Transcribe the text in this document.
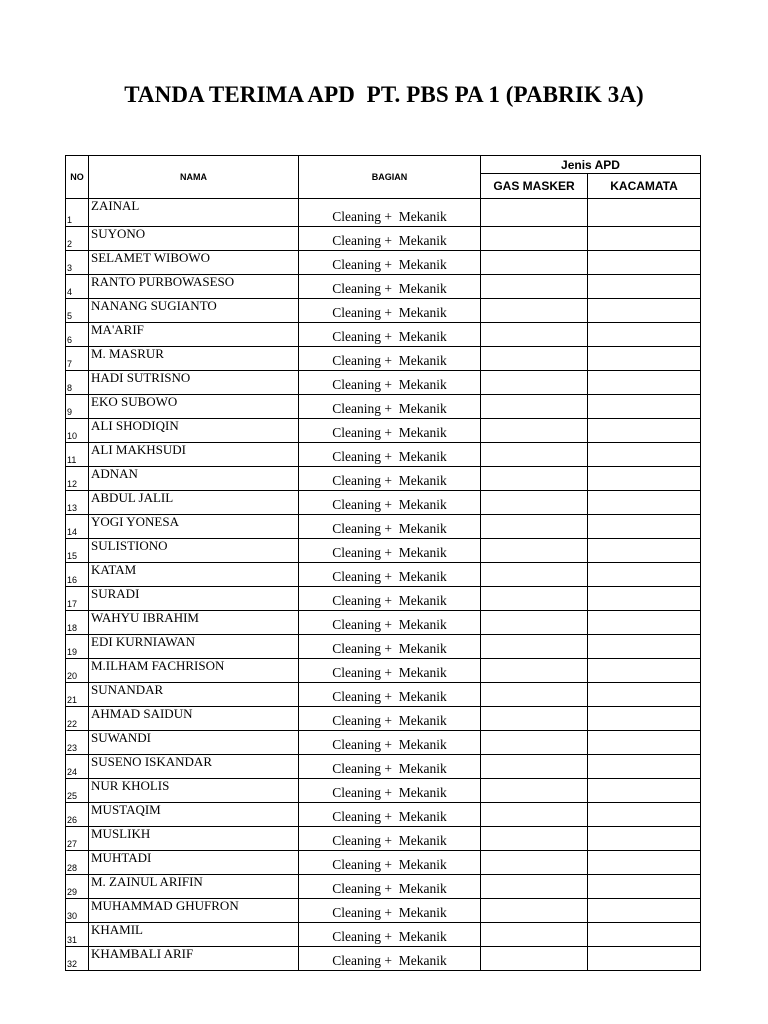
TANDA TERIMA APD  PT. PBS PA 1 (PABRIK 3A)
NO	NAMA	BAGIAN	Jenis APD	
			GAS MASKER	KACAMATA
1	ZAINAL	Cleaning +  Mekanik		
2	SUYONO	Cleaning +  Mekanik		
3	SELAMET WIBOWO	Cleaning +  Mekanik		
4	RANTO PURBOWASESO	Cleaning +  Mekanik		
5	NANANG SUGIANTO	Cleaning +  Mekanik		
6	MA'ARIF	Cleaning +  Mekanik		
7	M. MASRUR	Cleaning +  Mekanik		
8	HADI SUTRISNO	Cleaning +  Mekanik		
9	EKO SUBOWO	Cleaning +  Mekanik		
10	ALI SHODIQIN	Cleaning +  Mekanik		
11	ALI MAKHSUDI	Cleaning +  Mekanik		
12	ADNAN	Cleaning +  Mekanik		
13	ABDUL JALIL	Cleaning +  Mekanik		
14	YOGI YONESA	Cleaning +  Mekanik		
15	SULISTIONO	Cleaning +  Mekanik		
16	KATAM	Cleaning +  Mekanik		
17	SURADI	Cleaning +  Mekanik		
18	WAHYU IBRAHIM	Cleaning +  Mekanik		
19	EDI KURNIAWAN	Cleaning +  Mekanik		
20	M.ILHAM FACHRISON	Cleaning +  Mekanik		
21	SUNANDAR	Cleaning +  Mekanik		
22	AHMAD SAIDUN	Cleaning +  Mekanik		
23	SUWANDI	Cleaning +  Mekanik		
24	SUSENO ISKANDAR	Cleaning +  Mekanik		
25	NUR KHOLIS	Cleaning +  Mekanik		
26	MUSTAQIM	Cleaning +  Mekanik		
27	MUSLIKH	Cleaning +  Mekanik		
28	MUHTADI	Cleaning +  Mekanik		
29	M. ZAINUL ARIFIN	Cleaning +  Mekanik		
30	MUHAMMAD GHUFRON	Cleaning +  Mekanik		
31	KHAMIL	Cleaning +  Mekanik		
32	KHAMBALI ARIF	Cleaning +  Mekanik		
